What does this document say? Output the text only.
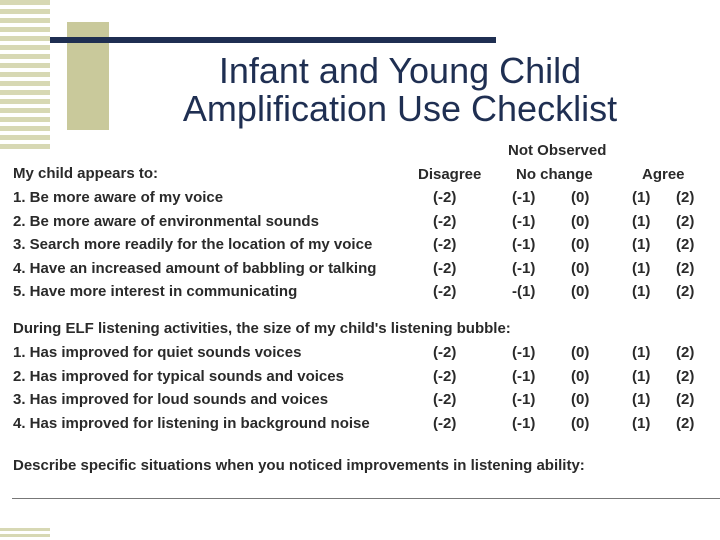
Infant and Young Child
Amplification Use Checklist
My child appears to:
Not Observed
Disagree No change	Agree
1. Be more aware of my voice	(-2)	(-1) (0)	(1) (2)
2. Be more aware of environmental sounds	(-2)	(-1) (0)	(1) (2)
3. Search more readily for the location of my voice	(-2)	(-1) (0)	(1) (2)
4. Have an increased amount of babbling or talking	(-2)	(-1) (0)	(1) (2)
5. Have more interest in communicating	(-2)	-(1) (0)	(1) (2)
During ELF listening activities, the size of my child's listening bubble:
1. Has improved for quiet sounds voices	(-2)	(-1) (0)	(1) (2)
2. Has improved for typical sounds and voices	(-2)	(-1) (0)	(1) (2)
3. Has improved for loud sounds and voices	(-2)	(-1) (0)	(1) (2)
4. Has improved for listening in background noise	(-2)	(-1) (0)	(1) (2)
Describe specific situations when you noticed improvements in listening ability:
